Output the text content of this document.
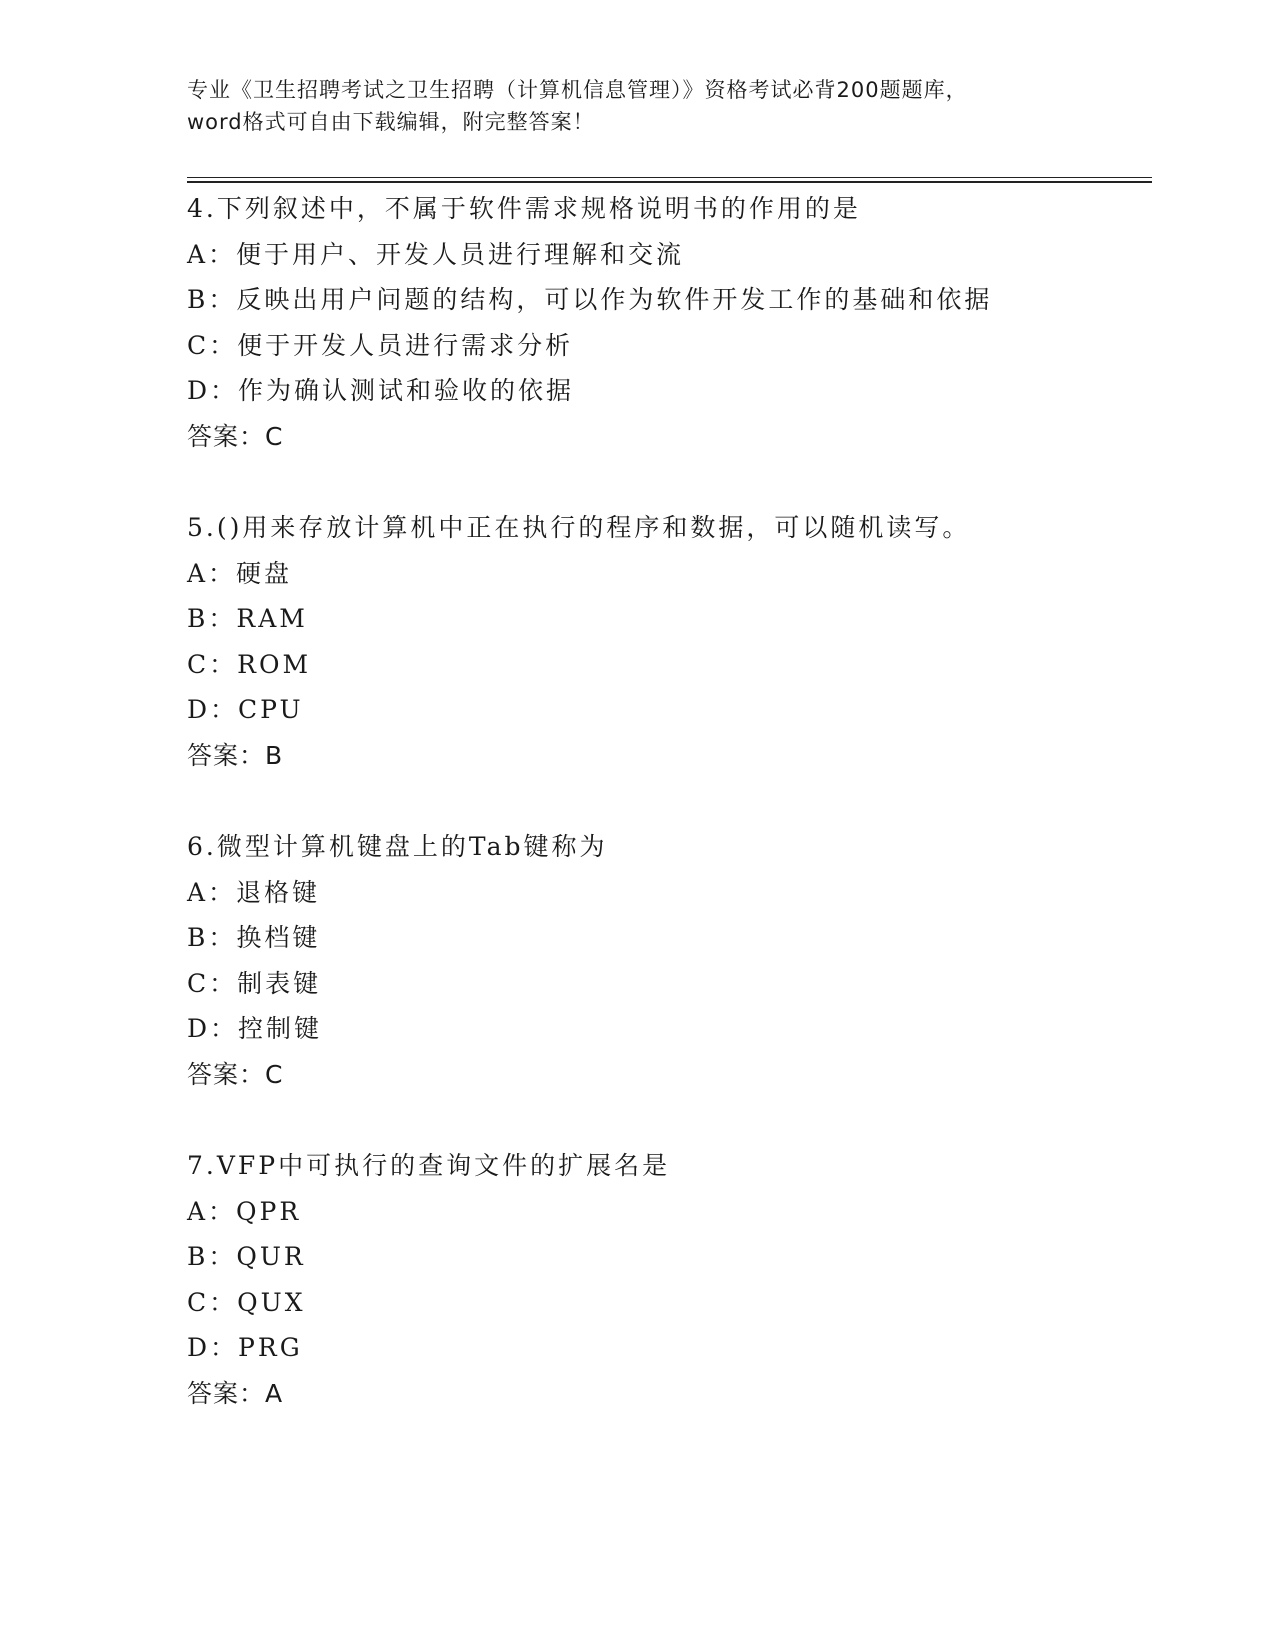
专业《卫生招聘考试之卫生招聘（计算机信息管理）》资格考试必背200题题库，
word格式可自由下载编辑，附完整答案！
4.下列叙述中，不属于软件需求规格说明书的作用的是
A：便于用户、开发人员进行理解和交流
B：反映出用户问题的结构，可以作为软件开发工作的基础和依据
C：便于开发人员进行需求分析
D：作为确认测试和验收的依据
答案：C
5.()用来存放计算机中正在执行的程序和数据，可以随机读写。
A：硬盘
B：RAM
C：ROM
D：CPU
答案：B
6.微型计算机键盘上的Tab键称为
A：退格键
B：换档键
C：制表键
D：控制键
答案：C
7.VFP中可执行的查询文件的扩展名是
A：QPR
B：QUR
C：QUX
D：PRG
答案：A
